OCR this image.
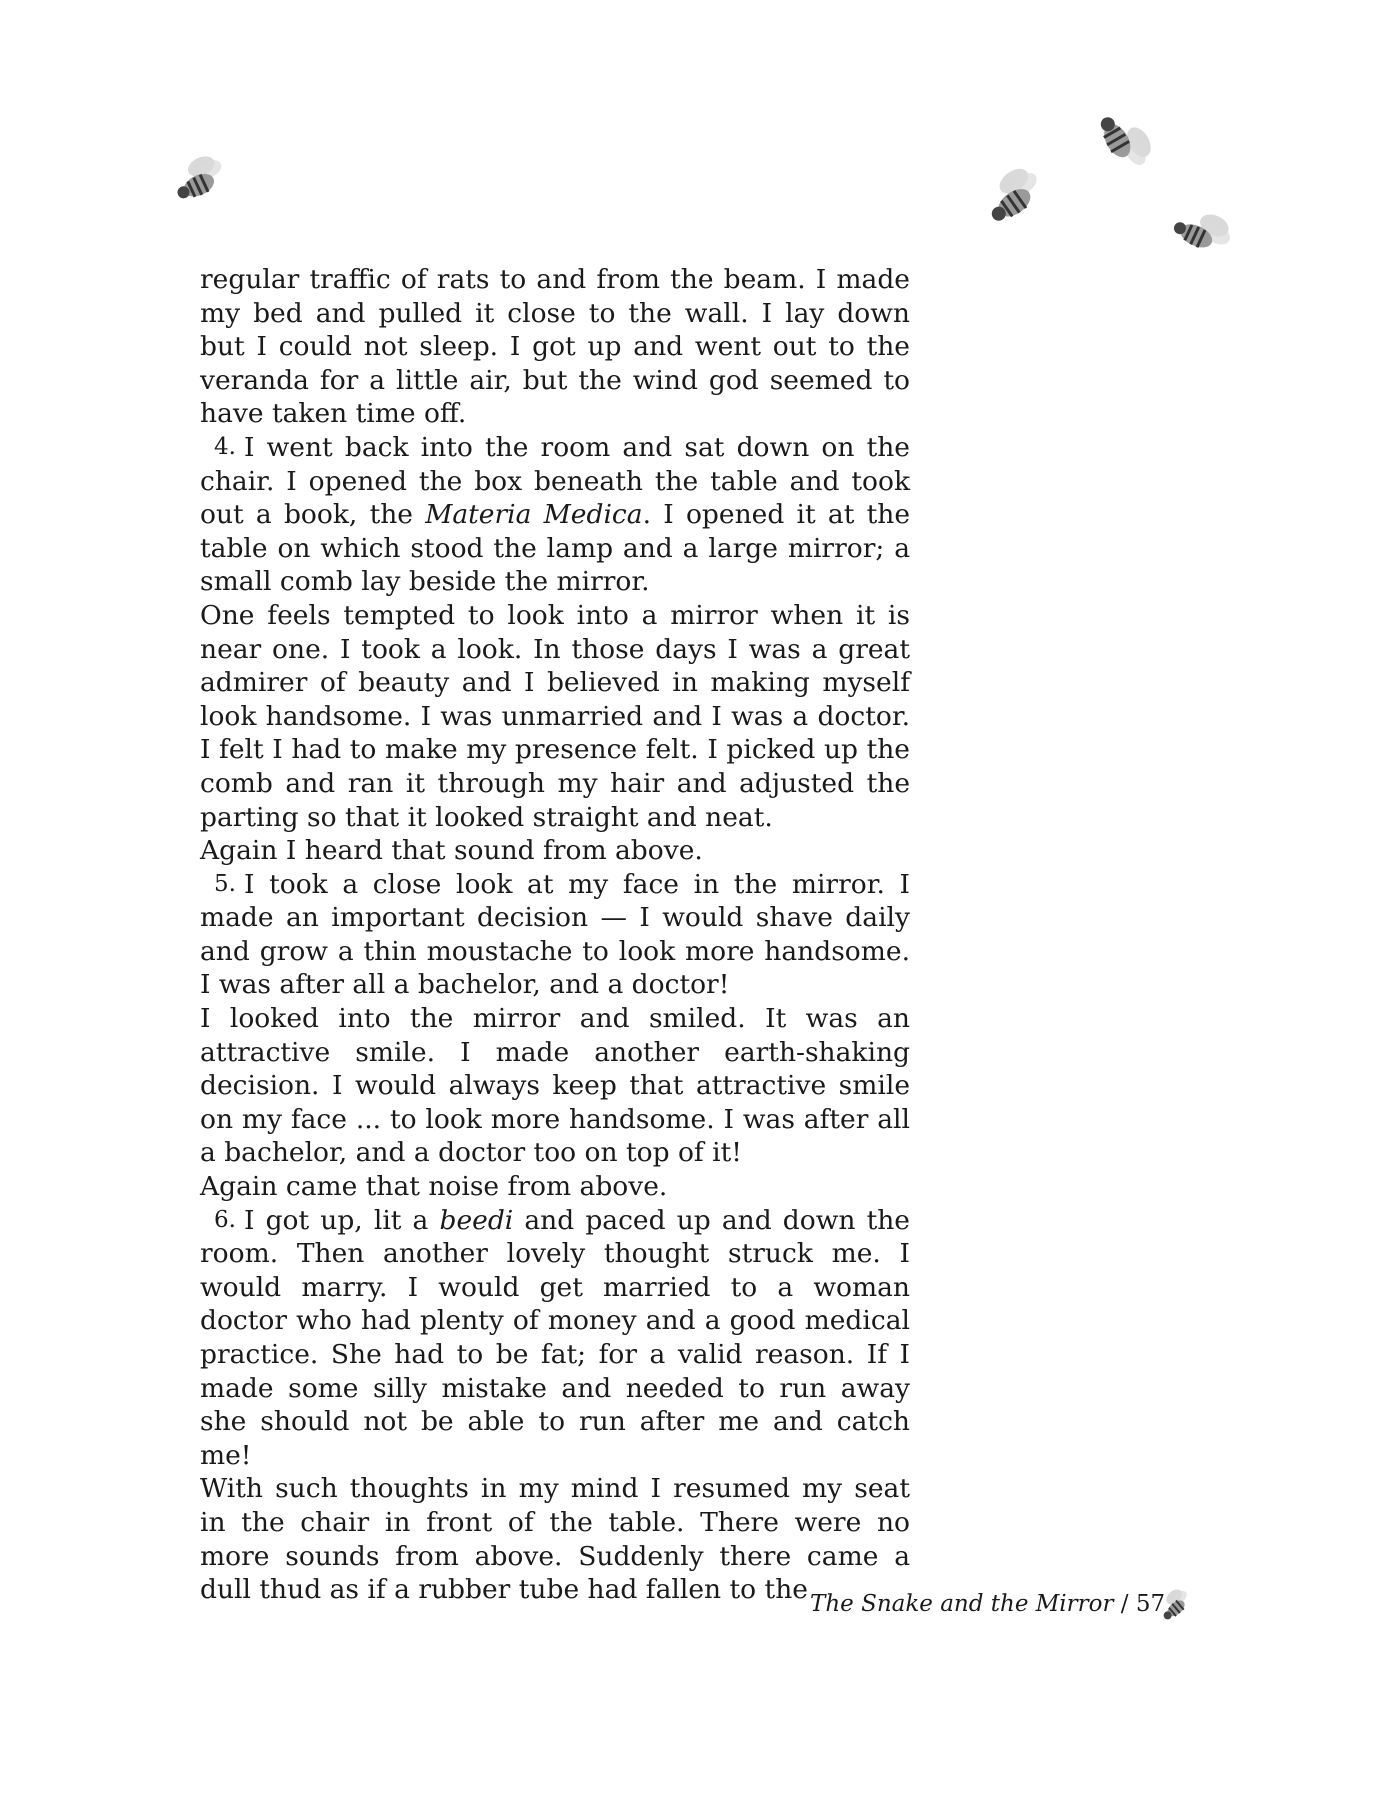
regular traffic of rats to and from the beam. I made my bed and pulled it close to the wall. I lay down but I could not sleep. I got up and went out to the veranda for a little air, but the wind god seemed to have taken time off.

4. I went back into the room and sat down on the chair. I opened the box beneath the table and took out a book, the Materia Medica. I opened it at the table on which stood the lamp and a large mirror; a small comb lay beside the mirror.

One feels tempted to look into a mirror when it is near one. I took a look. In those days I was a great admirer of beauty and I believed in making myself look handsome. I was unmarried and I was a doctor. I felt I had to make my presence felt. I picked up the comb and ran it through my hair and adjusted the parting so that it looked straight and neat.

Again I heard that sound from above.

5. I took a close look at my face in the mirror. I made an important decision — I would shave daily and grow a thin moustache to look more handsome. I was after all a bachelor, and a doctor!

I looked into the mirror and smiled. It was an attractive smile. I made another earth-shaking decision. I would always keep that attractive smile on my face ... to look more handsome. I was after all a bachelor, and a doctor too on top of it!

Again came that noise from above.

6. I got up, lit a beedi and paced up and down the room. Then another lovely thought struck me. I would marry. I would get married to a woman doctor who had plenty of money and a good medical practice. She had to be fat; for a valid reason. If I made some silly mistake and needed to run away she should not be able to run after me and catch me!

With such thoughts in my mind I resumed my seat in the chair in front of the table. There were no more sounds from above. Suddenly there came a dull thud as if a rubber tube had fallen to the The Snake and the Mirror / 57
